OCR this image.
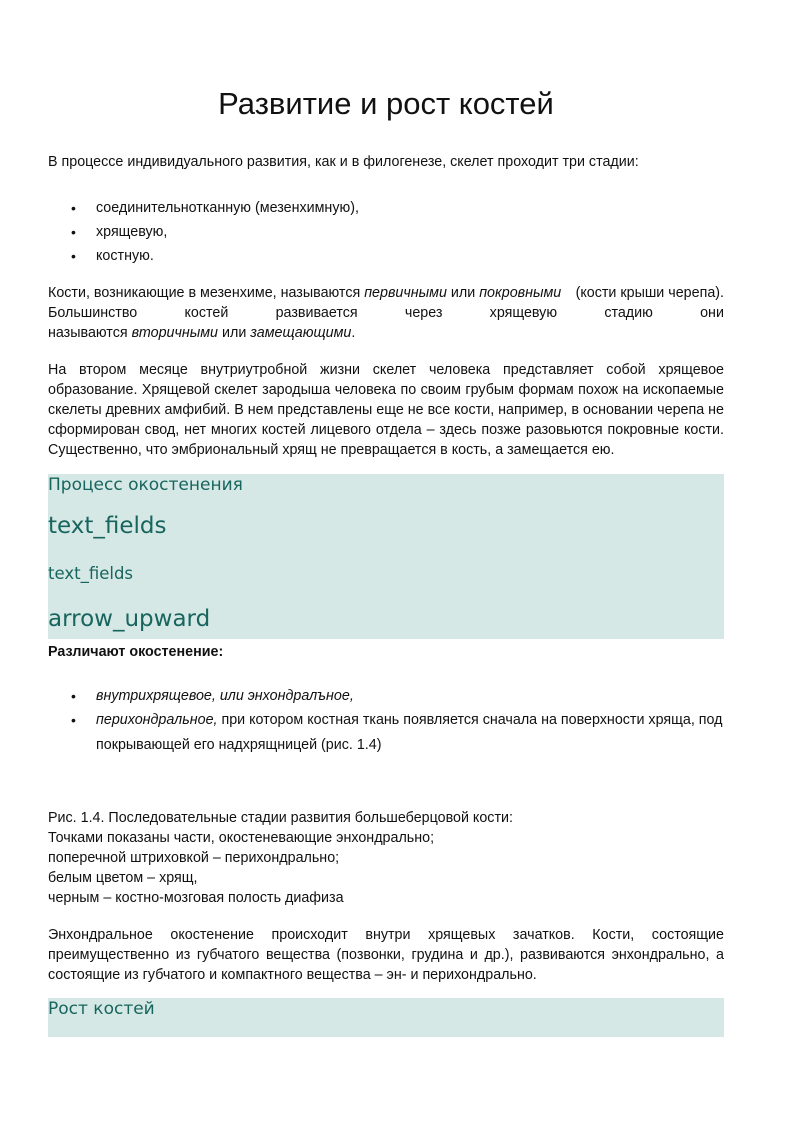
Развитие и рост костей

В процессе индивидуального развития, как и в филогенезе, скелет проходит три стадии:

• соединительнотканную (мезенхимную),
• хрящевую,
• костную.
Кости, возникающие в мезенхиме, называются первичными или покровными (кости крыши черепа).
Большинство	костей	развивается	через	хрящевую	стадию	они
называются вторичными или замещающими.

На втором месяце внутриутробной жизни скелет человека представляет собой хрящевое образование. Хрящевой скелет зародыша человека по своим грубым формам похож на ископаемые скелеты древних амфибий. В нем представлены еще не все кости, например, в основании черепа не сформирован свод, нет многих костей лицевого отдела – здесь позже разовьются покровные кости. Существенно, что эмбриональный хрящ не превращается в кость, а замещается ею.

Процесс окостенения
text_fields
text_fields
arrow_upward

Различают окостенение:

• внутрихрящевое, или энхондралъное,
• перихондральное, при котором костная ткань появляется сначала на поверхности хряща, под покрывающей его надхрящницей (рис. 1.4)
Рис. 1.4. Последовательные стадии развития большеберцовой кости:
Точками показаны части, окостеневающие энхондрально;
поперечной штриховкой – перихондрально;
белым цветом – хрящ,
черным – костно-мозговая полость диафиза

Энхондральное окостенение происходит внутри хрящевых зачатков. Кости, состоящие преимущественно из губчатого вещества (позвонки, грудина и др.), развиваются энхондрально, а состоящие из губчатого и компактного вещества – эн- и перихондрально.

Рост костей
